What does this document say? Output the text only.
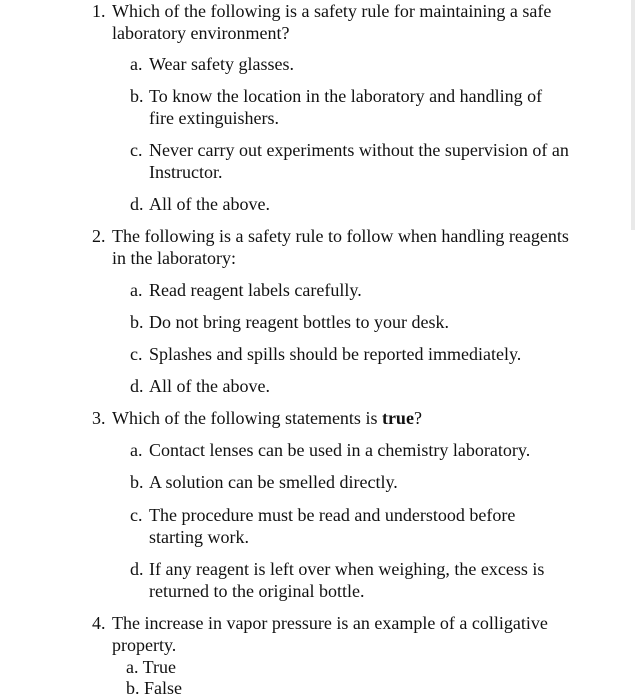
1. Which of the following is a safety rule for maintaining a safe laboratory environment?
a. Wear safety glasses.
b. To know the location in the laboratory and handling of fire extinguishers.
c. Never carry out experiments without the supervision of an Instructor.
d. All of the above.
2. The following is a safety rule to follow when handling reagents in the laboratory:
a. Read reagent labels carefully.
b. Do not bring reagent bottles to your desk.
c. Splashes and spills should be reported immediately.
d. All of the above.
3. Which of the following statements is true?
a. Contact lenses can be used in a chemistry laboratory.
b. A solution can be smelled directly.
c. The procedure must be read and understood before starting work.
d. If any reagent is left over when weighing, the excess is returned to the original bottle.
4. The increase in vapor pressure is an example of a colligative property.
a. True
b. False
